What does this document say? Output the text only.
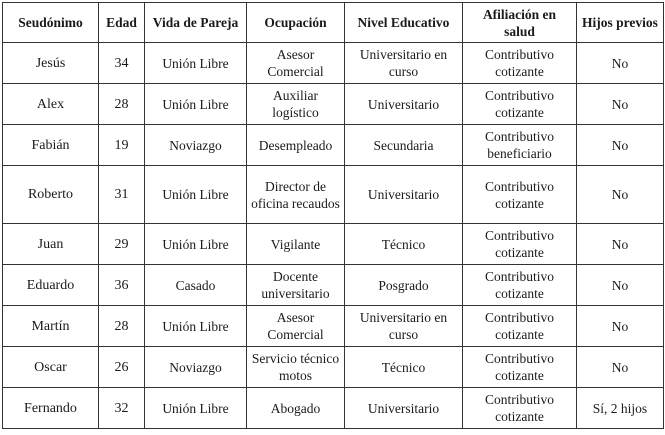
Seudónimo	Edad	Vida de Pareja	Ocupación	Nivel Educativo	Afiliación en salud	Hijos previos
Jesús	34	Unión Libre	Asesor Comercial	Universitario en curso	Contributivo cotizante	No
Alex	28	Unión Libre	Auxiliar logístico	Universitario	Contributivo cotizante	No
Fabián	19	Noviazgo	Desempleado	Secundaria	Contributivo beneficiario	No
Roberto	31	Unión Libre	Director de oficina recaudos	Universitario	Contributivo cotizante	No
Juan	29	Unión Libre	Vigilante	Técnico	Contributivo cotizante	No
Eduardo	36	Casado	Docente universitario	Posgrado	Contributivo cotizante	No
Martín	28	Unión Libre	Asesor Comercial	Universitario en curso	Contributivo cotizante	No
Oscar	26	Noviazgo	Servicio técnico motos	Técnico	Contributivo cotizante	No
Fernando	32	Unión Libre	Abogado	Universitario	Contributivo cotizante	Sí, 2 hijos
